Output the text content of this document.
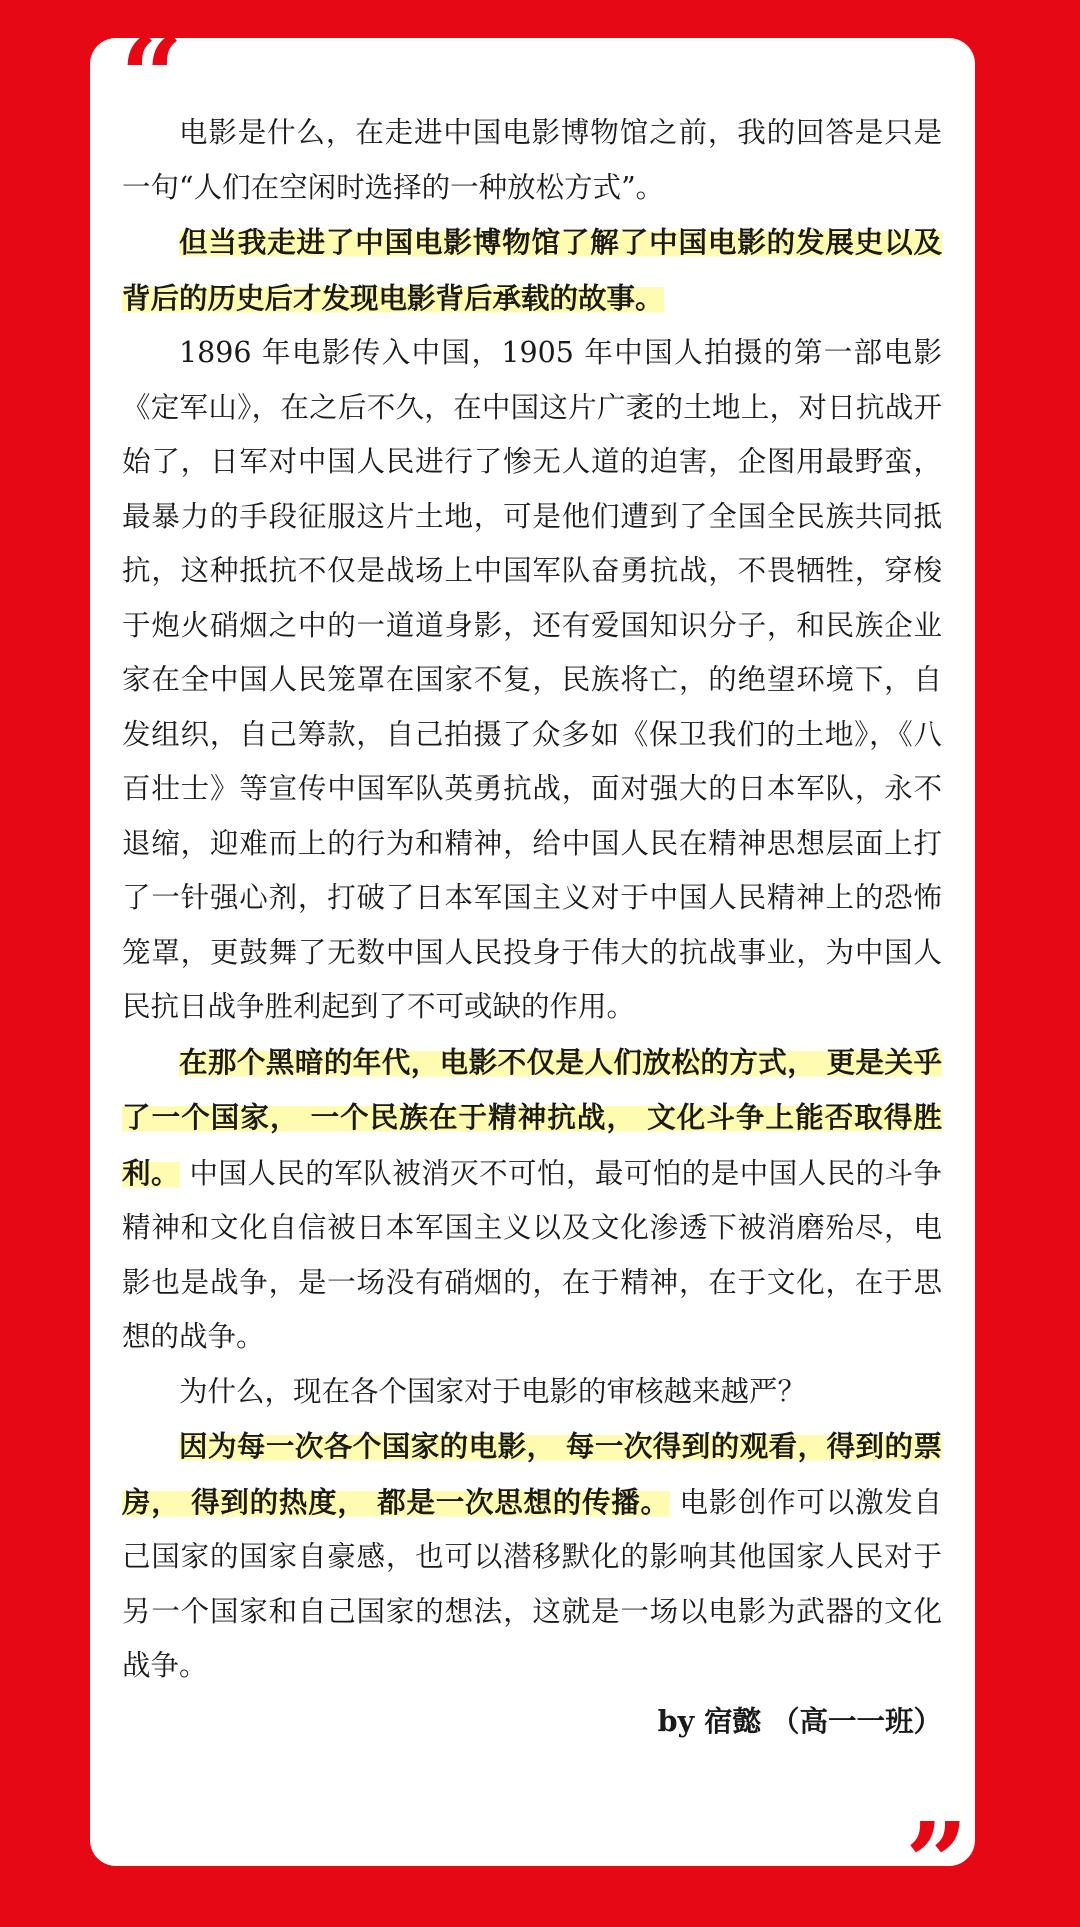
“

电影是什么，在走进中国电影博物馆之前，我的回答是只是一句“人们在空闲时选择的一种放松方式”。

但当我走进了中国电影博物馆了解了中国电影的发展史以及背后的历史后才发现电影背后承载的故事。

1896 年电影传入中国，1905 年中国人拍摄的第一部电影《定军山》，在之后不久，在中国这片广袤的土地上，对日抗战开始了，日军对中国人民进行了惨无人道的迫害，企图用最野蛮，最暴力的手段征服这片土地，可是他们遭到了全国全民族共同抵抗，这种抵抗不仅是战场上中国军队奋勇抗战，不畏牺牲，穿梭于炮火硝烟之中的一道道身影，还有爱国知识分子，和民族企业家在全中国人民笼罩在国家不复，民族将亡，的绝望环境下，自发组织，自己筹款，自己拍摄了众多如《保卫我们的土地》，《八百壮士》等宣传中国军队英勇抗战，面对强大的日本军队，永不退缩，迎难而上的行为和精神，给中国人民在精神思想层面上打了一针强心剂，打破了日本军国主义对于中国人民精神上的恐怖笼罩，更鼓舞了无数中国人民投身于伟大的抗战事业，为中国人民抗日战争胜利起到了不可或缺的作用。

在那个黑暗的年代，电影不仅是人们放松的方式， 更是关乎了一个国家， 一个民族在于精神抗战， 文化斗争上能否取得胜利。 中国人民的军队被消灭不可怕，最可怕的是中国人民的斗争精神和文化自信被日本军国主义以及文化渗透下被消磨殆尽，电影也是战争，是一场没有硝烟的，在于精神，在于文化，在于思想的战争。

为什么，现在各个国家对于电影的审核越来越严？

因为每一次各个国家的电影， 每一次得到的观看，得到的票房， 得到的热度， 都是一次思想的传播。 电影创作可以激发自己国家的国家自豪感，也可以潜移默化的影响其他国家人民对于另一个国家和自己国家的想法，这就是一场以电影为武器的文化战争。

by 宿懿 （高一一班）

”
